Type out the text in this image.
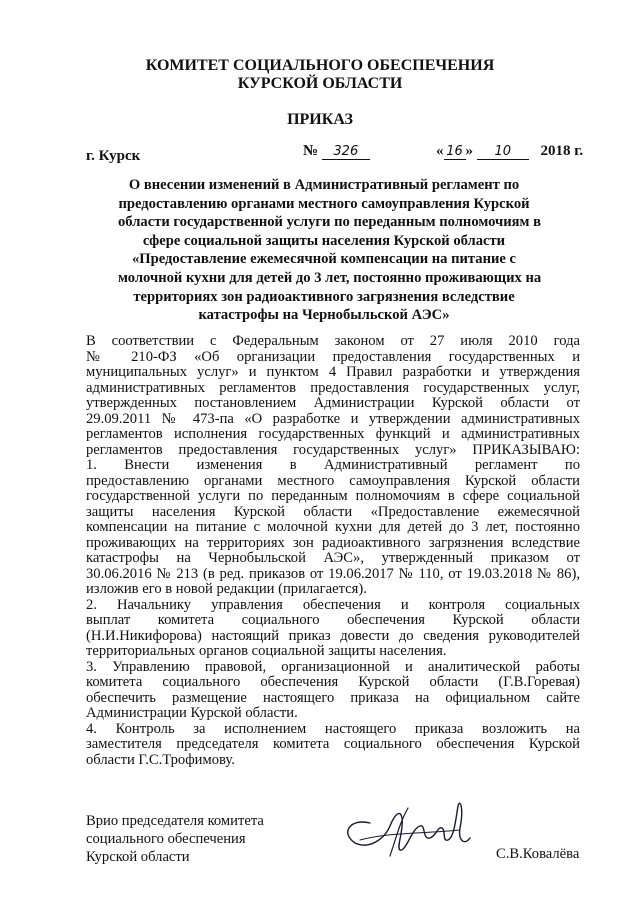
КОМИТЕТ СОЦИАЛЬНОГО ОБЕСПЕЧЕНИЯ
КУРСКОЙ ОБЛАСТИ
ПРИКАЗ
г. Курск	№ 326	« 16 » 10 2018 г.
О внесении изменений в Административный регламент по
предоставлению органами местного самоуправления Курской
области государственной услуги по переданным полномочиям в
сфере социальной защиты населения Курской области
«Предоставление ежемесячной компенсации на питание с
молочной кухни для детей до 3 лет, постоянно проживающих на
территориях зон радиоактивного загрязнения вследствие
катастрофы на Чернобыльской АЭС»
В соответствии с Федеральным законом от 27 июля 2010 года
№ 210-ФЗ «Об организации предоставления государственных и
муниципальных услуг» и пунктом 4 Правил разработки и утверждения
административных регламентов предоставления государственных услуг,
утвержденных постановлением Администрации Курской области от
29.09.2011 № 473-па «О разработке и утверждении административных
регламентов исполнения государственных функций и административных
регламентов предоставления государственных услуг» ПРИКАЗЫВАЮ:
1. Внести изменения в Административный регламент по
предоставлению органами местного самоуправления Курской области
государственной услуги по переданным полномочиям в сфере социальной
защиты населения Курской области «Предоставление ежемесячной
компенсации на питание с молочной кухни для детей до 3 лет, постоянно
проживающих на территориях зон радиоактивного загрязнения вследствие
катастрофы на Чернобыльской АЭС», утвержденный приказом от
30.06.2016 № 213 (в ред. приказов от 19.06.2017 № 110, от 19.03.2018 № 86),
изложив его в новой редакции (прилагается).
2. Начальнику управления обеспечения и контроля социальных
выплат комитета социального обеспечения Курской области
(Н.И.Никифорова) настоящий приказ довести до сведения руководителей
территориальных органов социальной защиты населения.
3. Управлению правовой, организационной и аналитической работы
комитета социального обеспечения Курской области (Г.В.Горевая)
обеспечить размещение настоящего приказа на официальном сайте
Администрации Курской области.
4. Контроль за исполнением настоящего приказа возложить на
заместителя председателя комитета социального обеспечения Курской
области Г.С.Трофимову.
Врио председателя комитета
социального обеспечения
Курской области	С.В.Ковалёва
